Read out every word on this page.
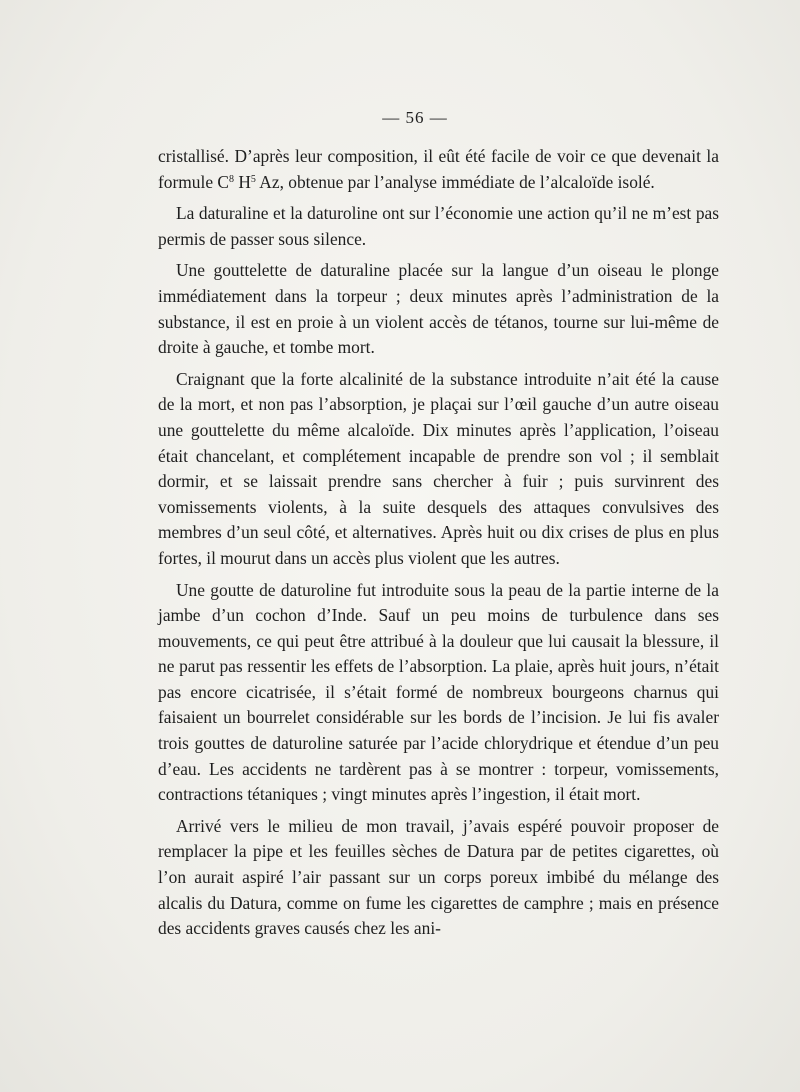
— 56 —

cristallisé. D’après leur composition, il eût été facile de voir ce que devenait la formule $C^8$ $H^5$ Az, obtenue par l’analyse immédiate de l’alcaloïde isolé.

La daturaline et la daturoline ont sur l’économie une action qu’il ne m’est pas permis de passer sous silence.

Une gouttelette de daturaline placée sur la langue d’un oiseau le plonge immédiatement dans la torpeur ; deux minutes après l’administration de la substance, il est en proie à un violent accès de tétanos, tourne sur lui-même de droite à gauche, et tombe mort.

Craignant que la forte alcalinité de la substance introduite n’ait été la cause de la mort, et non pas l’absorption, je plaçai sur l’œil gauche d’un autre oiseau une gouttelette du même alcaloïde. Dix minutes après l’application, l’oiseau était chancelant, et complétement incapable de prendre son vol ; il semblait dormir, et se laissait prendre sans chercher à fuir ; puis survinrent des vomissements violents, à la suite desquels des attaques convulsives des membres d’un seul côté, et alternatives. Après huit ou dix crises de plus en plus fortes, il mourut dans un accès plus violent que les autres.

Une goutte de daturoline fut introduite sous la peau de la partie interne de la jambe d’un cochon d’Inde. Sauf un peu moins de turbulence dans ses mouvements, ce qui peut être attribué à la douleur que lui causait la blessure, il ne parut pas ressentir les effets de l’absorption. La plaie, après huit jours, n’était pas encore cicatrisée, il s’était formé de nombreux bourgeons charnus qui faisaient un bourrelet considérable sur les bords de l’incision. Je lui fis avaler trois gouttes de daturoline saturée par l’acide chlorydrique et étendue d’un peu d’eau. Les accidents ne tardèrent pas à se montrer : torpeur, vomissements, contractions tétaniques ; vingt minutes après l’ingestion, il était mort.

Arrivé vers le milieu de mon travail, j’avais espéré pouvoir proposer de remplacer la pipe et les feuilles sèches de Datura par de petites cigarettes, où l’on aurait aspiré l’air passant sur un corps poreux imbibé du mélange des alcalis du Datura, comme on fume les cigarettes de camphre ; mais en présence des accidents graves causés chez les ani-
